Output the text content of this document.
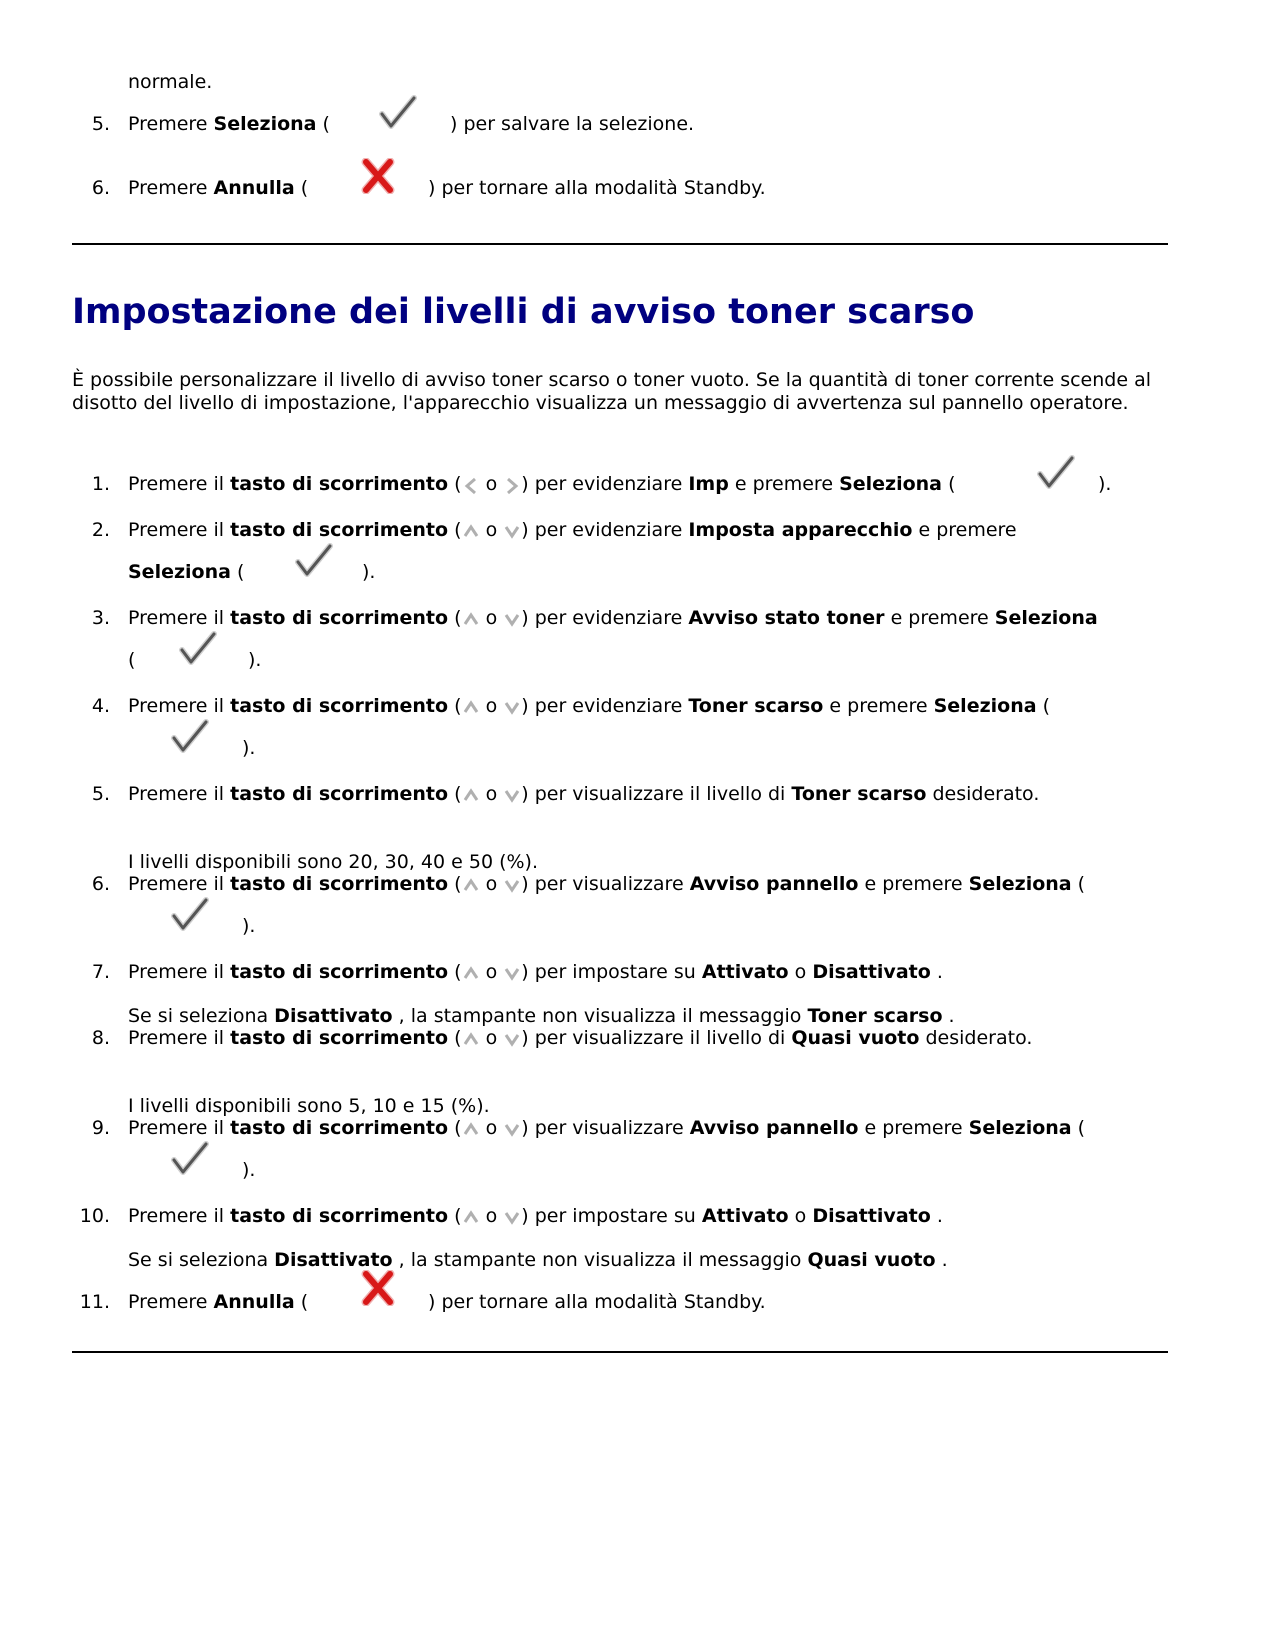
normale.
5. Premere Seleziona (	) per salvare la selezione.
6. Premere Annulla (	) per tornare alla modalità Standby.
Impostazione dei livelli di avviso toner scarso
È possibile personalizzare il livello di avviso toner scarso o toner vuoto. Se la quantità di toner corrente scende al disotto del livello di impostazione, l'apparecchio visualizza un messaggio di avvertenza sul pannello operatore.
1. Premere il tasto di scorrimento ( o ) per evidenziare Imp e premere Seleziona (	).
2. Premere il tasto di scorrimento ( o ) per evidenziare Imposta apparecchio e premere
Seleziona (	).
3. Premere il tasto di scorrimento ( o ) per evidenziare Avviso stato toner e premere Seleziona
(	).
4. Premere il tasto di scorrimento ( o ) per evidenziare Toner scarso e premere Seleziona (
).
5. Premere il tasto di scorrimento ( o ) per visualizzare il livello di Toner scarso desiderato.
I livelli disponibili sono 20, 30, 40 e 50 (%).
6. Premere il tasto di scorrimento ( o ) per visualizzare Avviso pannello e premere Seleziona (
).
7. Premere il tasto di scorrimento ( o ) per impostare su Attivato o Disattivato .
Se si seleziona Disattivato , la stampante non visualizza il messaggio Toner scarso .
8. Premere il tasto di scorrimento ( o ) per visualizzare il livello di Quasi vuoto desiderato.
I livelli disponibili sono 5, 10 e 15 (%).
9. Premere il tasto di scorrimento ( o ) per visualizzare Avviso pannello e premere Seleziona (
).
10. Premere il tasto di scorrimento ( o ) per impostare su Attivato o Disattivato .
Se si seleziona Disattivato , la stampante non visualizza il messaggio Quasi vuoto .
11. Premere Annulla (	) per tornare alla modalità Standby.
